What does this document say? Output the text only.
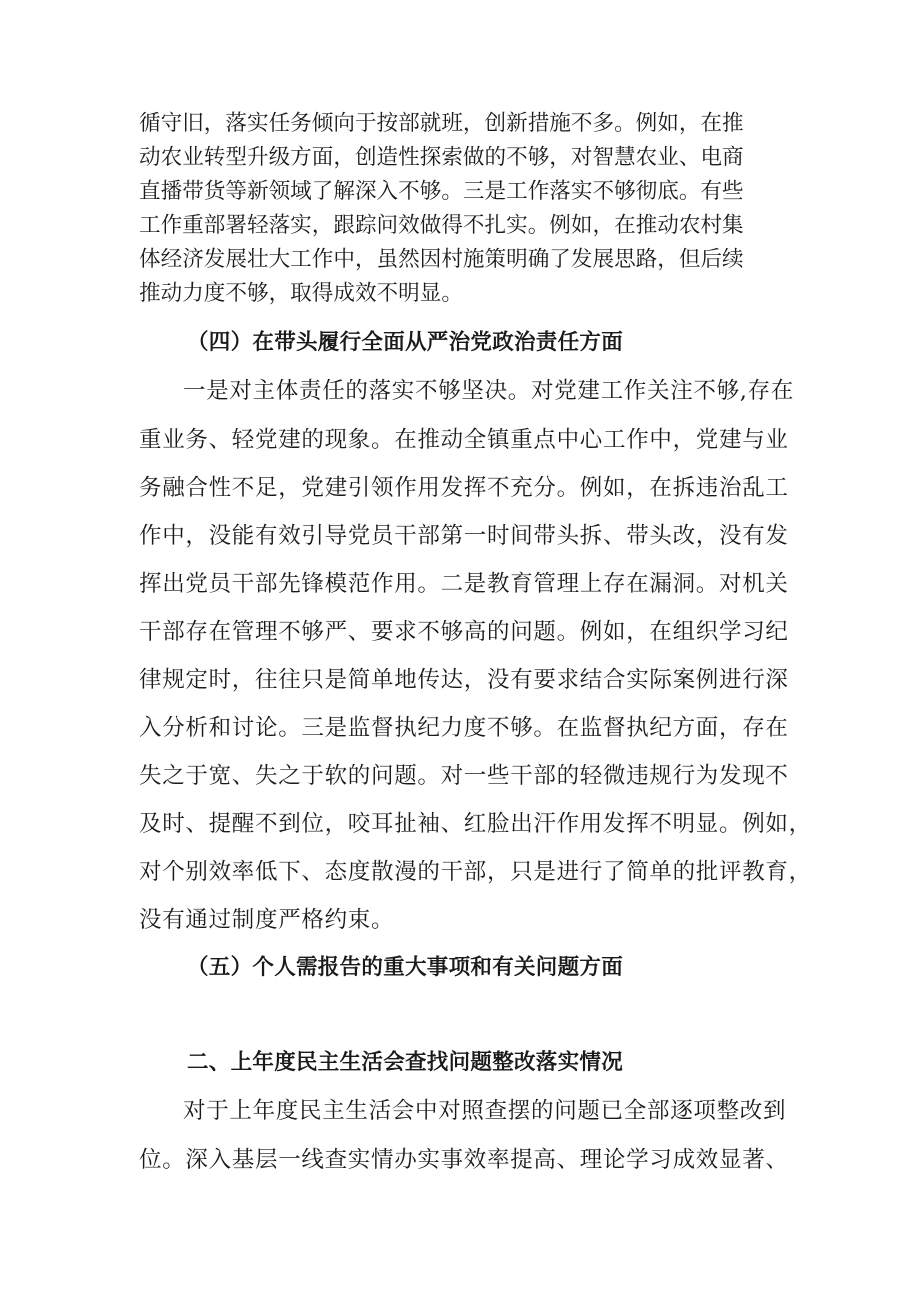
循守旧，落实任务倾向于按部就班，创新措施不多。例如，在推

动农业转型升级方面，创造性探索做的不够，对智慧农业、电商

直播带货等新领域了解深入不够。三是工作落实不够彻底。有些

工作重部署轻落实，跟踪问效做得不扎实。例如，在推动农村集

体经济发展壮大工作中，虽然因村施策明确了发展思路，但后续

推动力度不够，取得成效不明显。

（四）在带头履行全面从严治党政治责任方面

一是对主体责任的落实不够坚决。对党建工作关注不够,存在

重业务、轻党建的现象。在推动全镇重点中心工作中，党建与业

务融合性不足，党建引领作用发挥不充分。例如，在拆违治乱工

作中，没能有效引导党员干部第一时间带头拆、带头改，没有发

挥出党员干部先锋模范作用。二是教育管理上存在漏洞。对机关

干部存在管理不够严、要求不够高的问题。例如，在组织学习纪

律规定时，往往只是简单地传达，没有要求结合实际案例进行深

入分析和讨论。三是监督执纪力度不够。在监督执纪方面，存在

失之于宽、失之于软的问题。对一些干部的轻微违规行为发现不

及时、提醒不到位，咬耳扯袖、红脸出汗作用发挥不明显。例如，

对个别效率低下、态度散漫的干部，只是进行了简单的批评教育，

没有通过制度严格约束。

（五）个人需报告的重大事项和有关问题方面
二、上年度民主生活会查找问题整改落实情况

对于上年度民主生活会中对照查摆的问题已全部逐项整改到

位。深入基层一线查实情办实事效率提高、理论学习成效显著、
